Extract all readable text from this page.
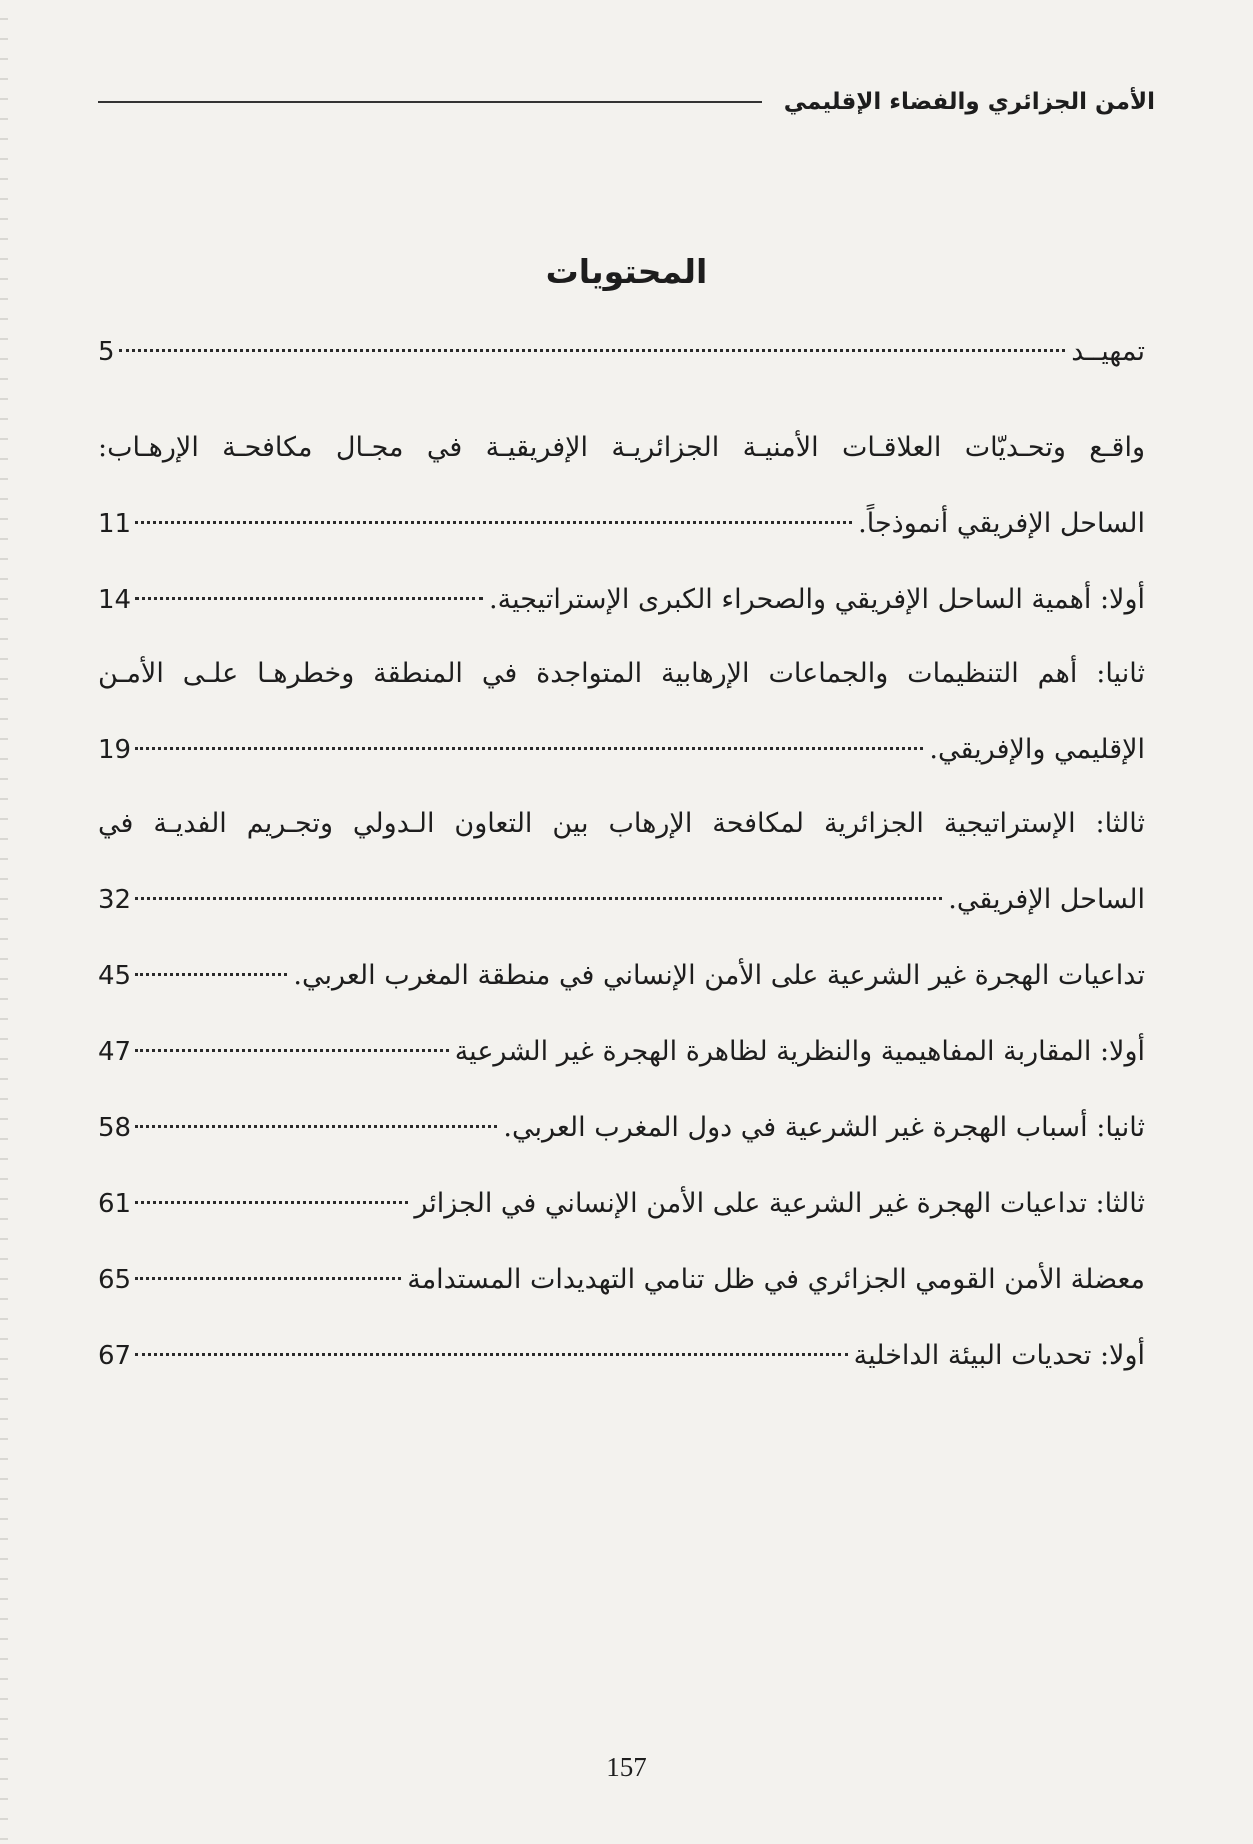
الأمن الجزائري والفضاء الإقليمي
المحتويات
تمهيــد
5
واقـع وتحـديّات العلاقـات الأمنيـة الجزائريـة الإفريقيـة في مجـال مكافحـة الإرهـاب:
الساحل الإفريقي أنموذجاً.
11
أولا: أهمية الساحل الإفريقي والصحراء الكبرى الإستراتيجية.
14
ثانيا: أهم التنظيمات والجماعات الإرهابية المتواجدة في المنطقة وخطرهـا علـى الأمـن
الإقليمي والإفريقي.
19
ثالثا: الإستراتيجية الجزائرية لمكافحة الإرهاب بين التعاون الـدولي وتجـريم الفديـة في
الساحل الإفريقي.
32
تداعيات الهجرة غير الشرعية على الأمن الإنساني في منطقة المغرب العربي.
45
أولا: المقاربة المفاهيمية والنظرية لظاهرة الهجرة غير الشرعية
47
ثانيا: أسباب الهجرة غير الشرعية في دول المغرب العربي.
58
ثالثا: تداعيات الهجرة غير الشرعية على الأمن الإنساني في الجزائر
61
معضلة الأمن القومي الجزائري في ظل تنامي التهديدات المستدامة
65
أولا: تحديات البيئة الداخلية
67
157
